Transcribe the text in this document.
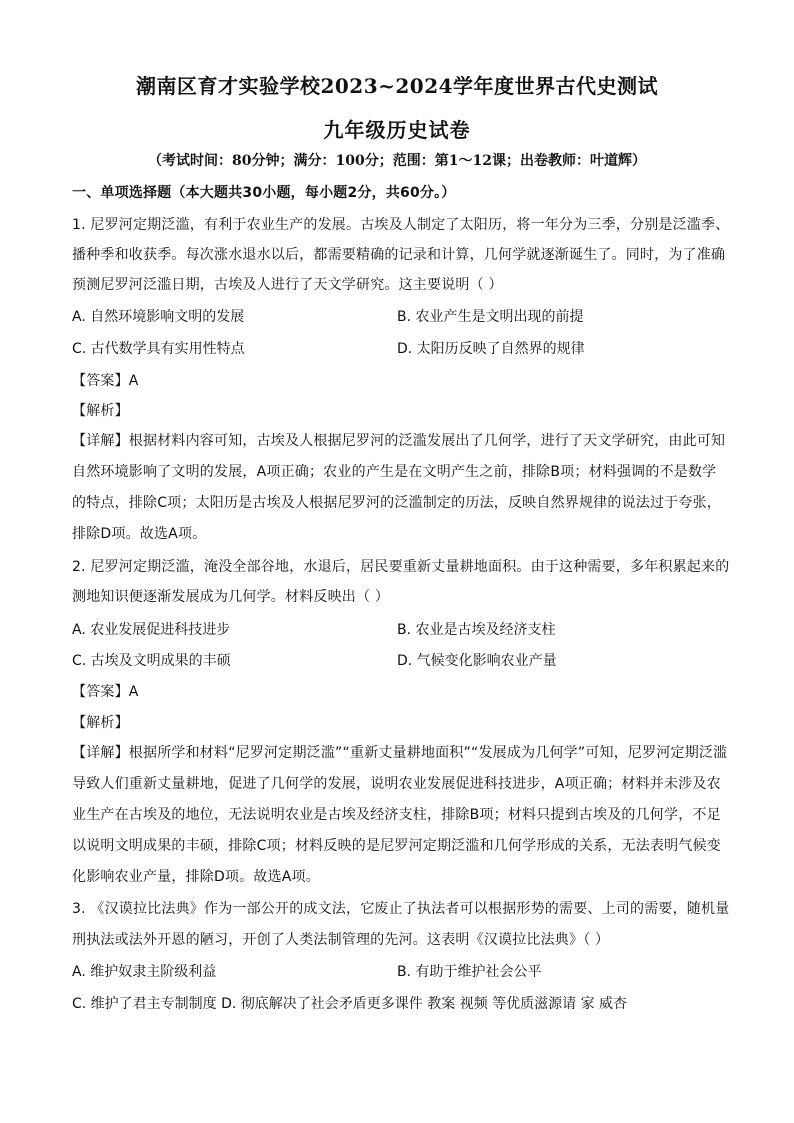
潮南区育才实验学校2023~2024学年度世界古代史测试
九年级历史试卷
（考试时间：80分钟；满分：100分；范围：第1～12课；出卷教师：叶道辉）
一、单项选择题（本大题共30小题，每小题2分，共60分。）
1. 尼罗河定期泛滥，有利于农业生产的发展。古埃及人制定了太阳历，将一年分为三季，分别是泛滥季、
播种季和收获季。每次涨水退水以后，都需要精确的记录和计算，几何学就逐渐诞生了。同时，为了准确
预测尼罗河泛滥日期，古埃及人进行了天文学研究。这主要说明（ ）
A. 自然环境影响文明的发展	B. 农业产生是文明出现的前提
C. 古代数学具有实用性特点	D. 太阳历反映了自然界的规律
【答案】A
【解析】
【详解】根据材料内容可知，古埃及人根据尼罗河的泛滥发展出了几何学，进行了天文学研究，由此可知
自然环境影响了文明的发展，A项正确；农业的产生是在文明产生之前，排除B项；材料强调的不是数学
的特点，排除C项；太阳历是古埃及人根据尼罗河的泛滥制定的历法，反映自然界规律的说法过于夸张，
排除D项。故选A项。
2. 尼罗河定期泛滥，淹没全部谷地，水退后，居民要重新丈量耕地面积。由于这种需要，多年积累起来的
测地知识便逐渐发展成为几何学。材料反映出（ ）
A. 农业发展促进科技进步	B. 农业是古埃及经济支柱
C. 古埃及文明成果的丰硕	D. 气候变化影响农业产量
【答案】A
【解析】
【详解】根据所学和材料“尼罗河定期泛滥”“重新丈量耕地面积”“发展成为几何学”可知，尼罗河定期泛滥
导致人们重新丈量耕地，促进了几何学的发展，说明农业发展促进科技进步，A项正确；材料并未涉及农
业生产在古埃及的地位，无法说明农业是古埃及经济支柱，排除B项；材料只提到古埃及的几何学，不足
以说明文明成果的丰硕，排除C项；材料反映的是尼罗河定期泛滥和几何学形成的关系，无法表明气候变
化影响农业产量，排除D项。故选A项。
3. 《汉谟拉比法典》作为一部公开的成文法，它废止了执法者可以根据形势的需要、上司的需要，随机量
刑执法或法外开恩的陋习，开创了人类法制管理的先河。这表明《汉谟拉比法典》（ ）
A. 维护奴隶主阶级利益	B. 有助于维护社会公平
C. 维护了君主专制制度 D. 彻底解决了社会矛盾更多课件 教案 视频 等优质滋源请 家 威杏
